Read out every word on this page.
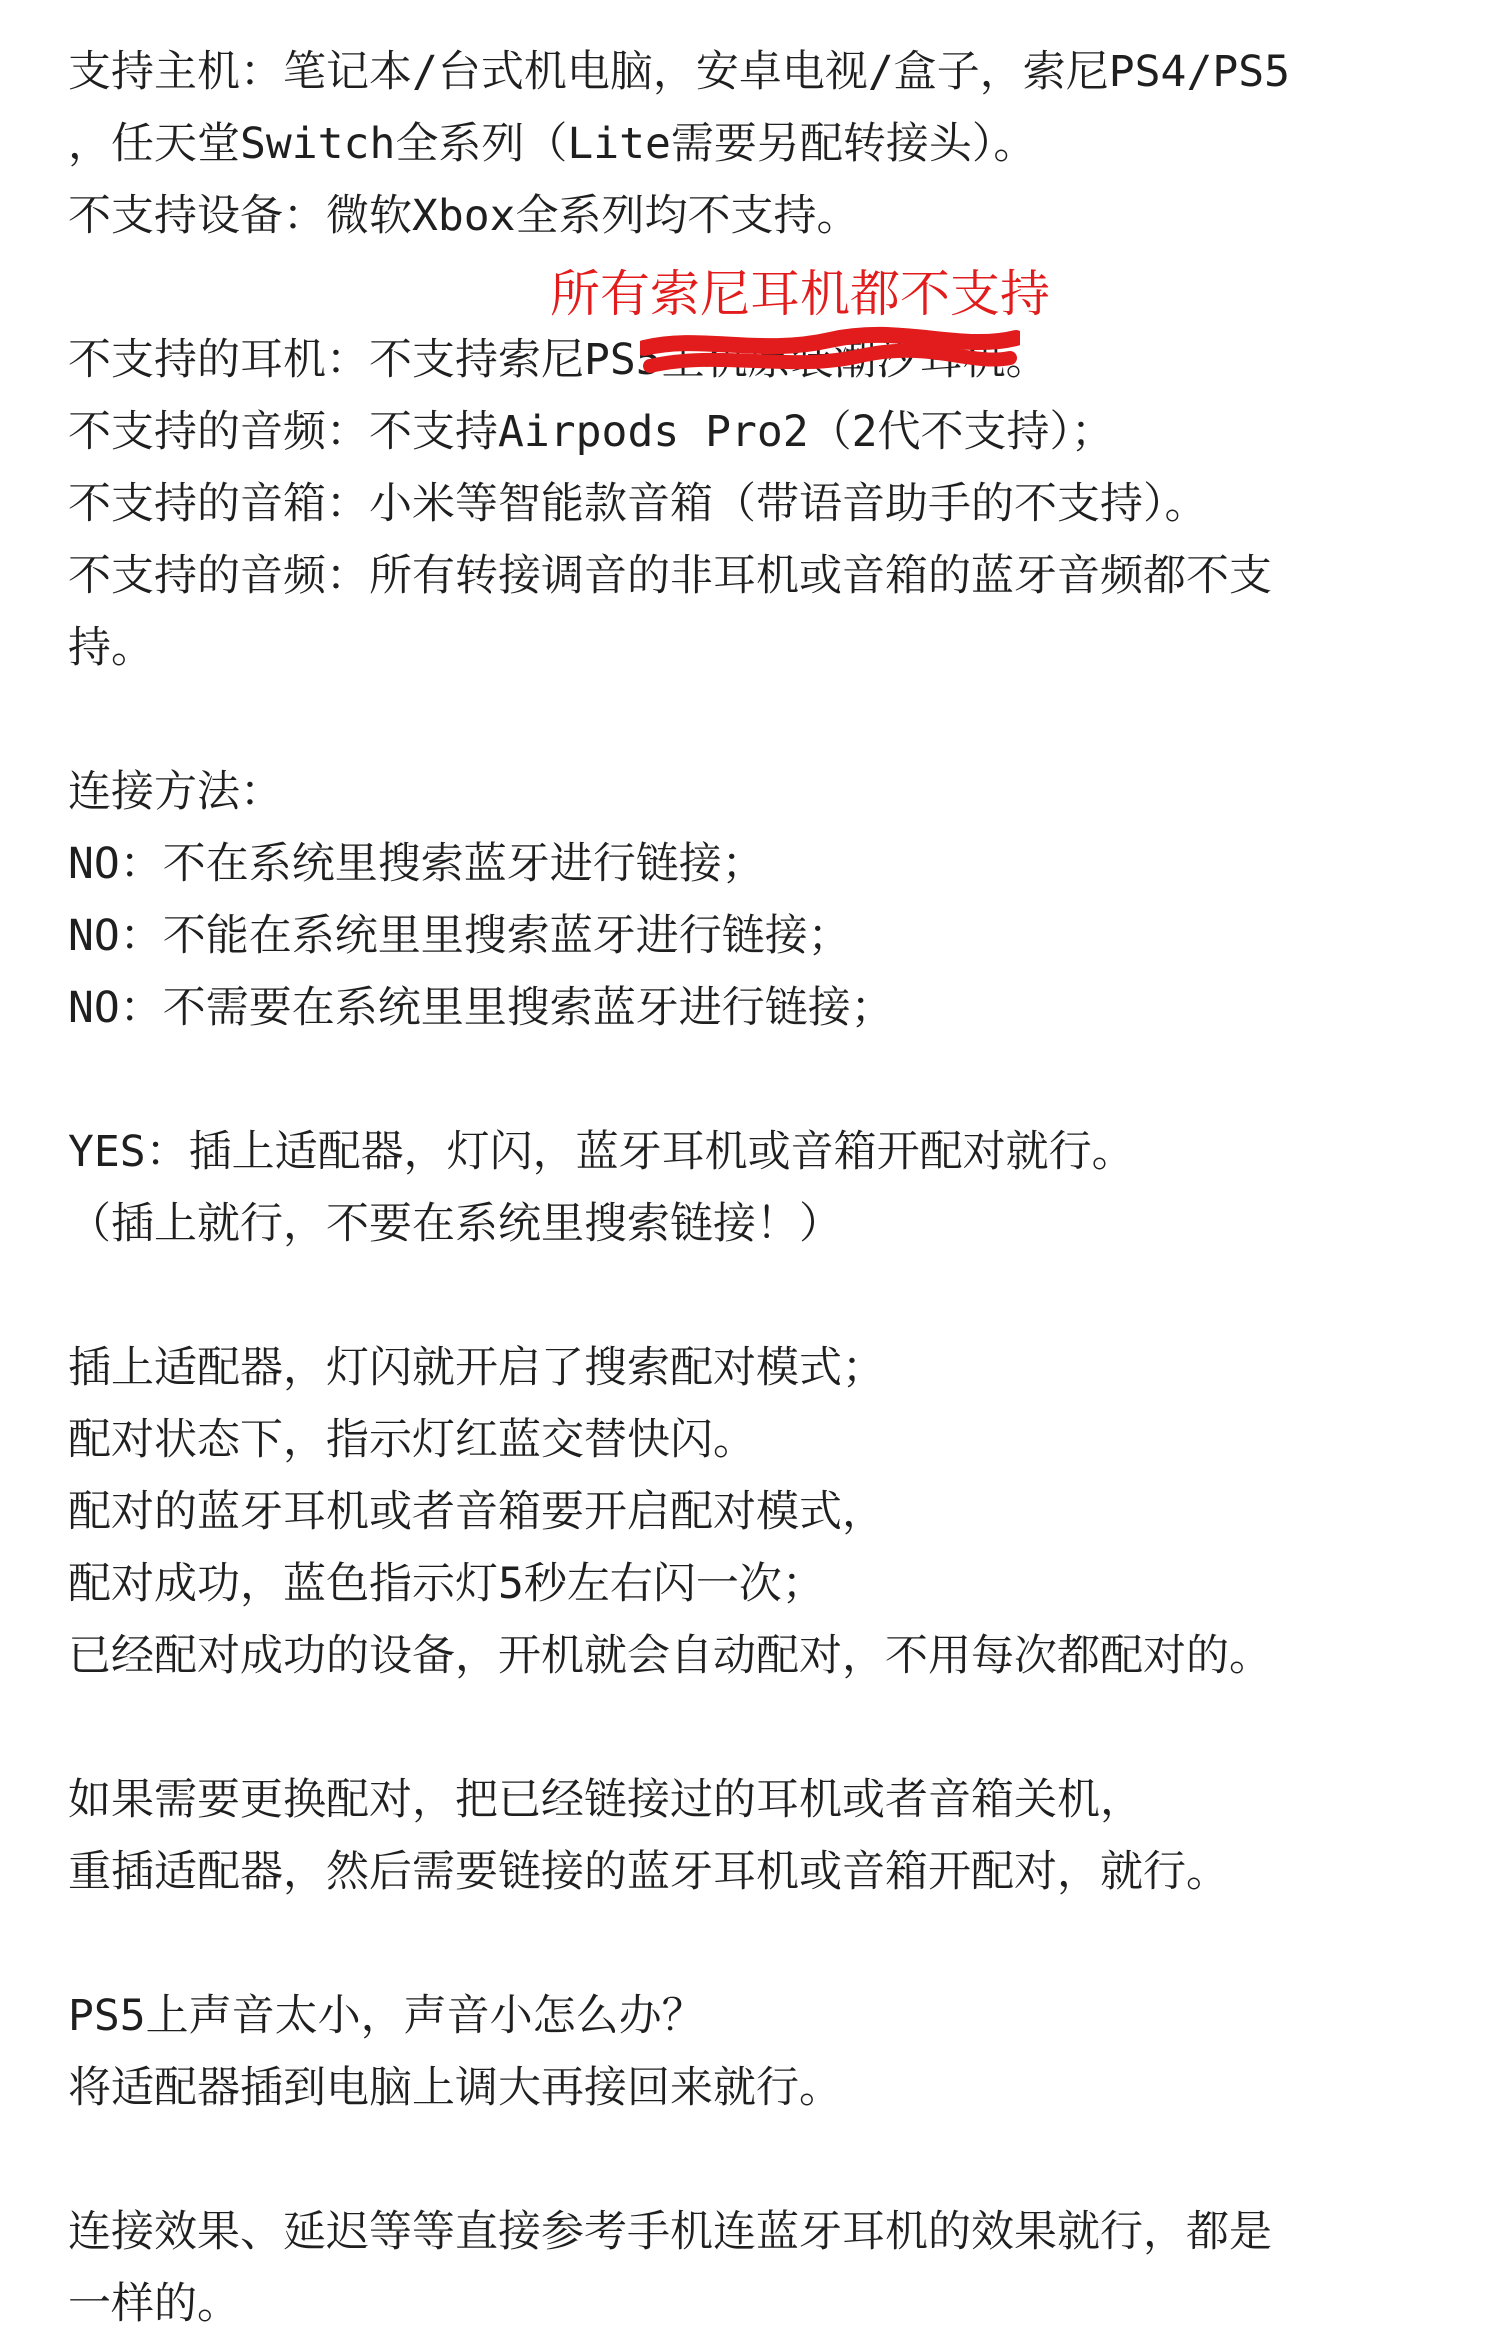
支持主机：笔记本/台式机电脑，安卓电视/盒子，索尼PS4/PS5
，任天堂Switch全系列（Lite需要另配转接头）。
不支持设备：微软Xbox全系列均不支持。
所有索尼耳机都不支持
不支持的耳机：不支持索尼PS5主机原装潮汐耳机。
不支持的音频：不支持Airpods Pro2（2代不支持）；
不支持的音箱：小米等智能款音箱（带语音助手的不支持）。
不支持的音频：所有转接调音的非耳机或音箱的蓝牙音频都不支
持。
连接方法：
NO：不在系统里搜索蓝牙进行链接；
NO：不能在系统里里搜索蓝牙进行链接；
NO：不需要在系统里里搜索蓝牙进行链接；
YES：插上适配器，灯闪，蓝牙耳机或音箱开配对就行。
（插上就行，不要在系统里搜索链接！）
插上适配器，灯闪就开启了搜索配对模式；
配对状态下，指示灯红蓝交替快闪。
配对的蓝牙耳机或者音箱要开启配对模式，
配对成功，蓝色指示灯5秒左右闪一次；
已经配对成功的设备，开机就会自动配对，不用每次都配对的。
如果需要更换配对，把已经链接过的耳机或者音箱关机，
重插适配器，然后需要链接的蓝牙耳机或音箱开配对，就行。
PS5上声音太小，声音小怎么办？
将适配器插到电脑上调大再接回来就行。
连接效果、延迟等等直接参考手机连蓝牙耳机的效果就行，都是
一样的。
